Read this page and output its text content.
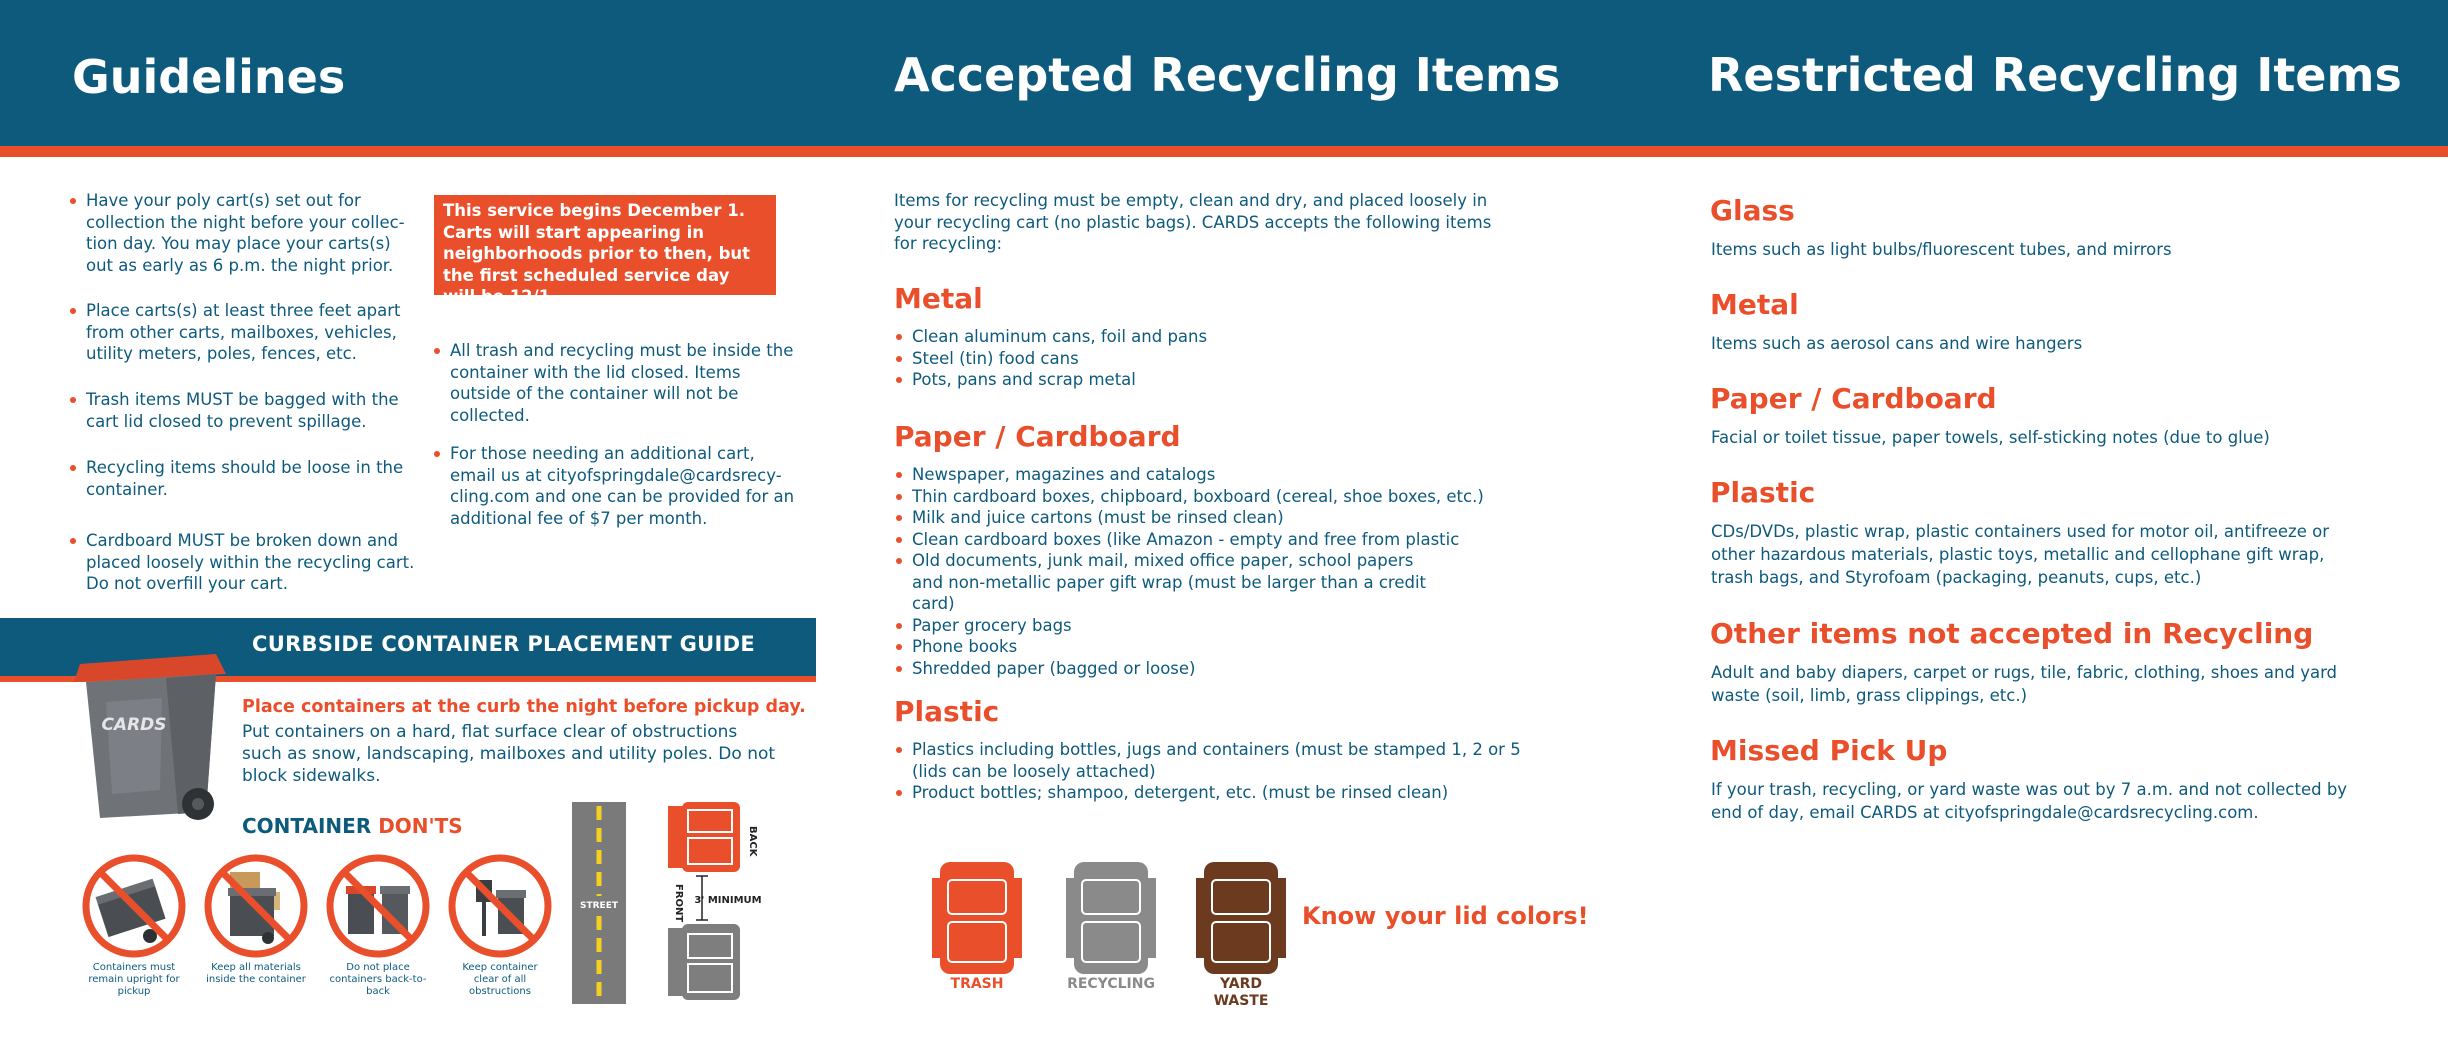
Guidelines	Accepted Recycling Items	Restricted Recycling Items
Have your poly cart(s) set out for collection the night before your collec-tion day. You may place your carts(s) out as early as 6 p.m. the night prior.
Place carts(s) at least three feet apart from other carts, mailboxes, vehicles, utility meters, poles, fences, etc.
Trash items MUST be bagged with the cart lid closed to prevent spillage.
Recycling items should be loose in the container.
Cardboard MUST be broken down and placed loosely within the recycling cart. Do not overfill your cart.
This service begins December 1. Carts will start appearing in neighborhoods prior to then, but the first scheduled service day will be 12/1.
All trash and recycling must be inside the container with the lid closed. Items outside of the container will not be collected.
For those needing an additional cart, email us at cityofspringdale@cardsrecy-cling.com and one can be provided for an additional fee of $7 per month.
CURBSIDE CONTAINER PLACEMENT GUIDE
CARDS
Place containers at the curb the night before pickup day.
Put containers on a hard, flat surface clear of obstructions such as snow, landscaping, mailboxes and utility poles. Do not block sidewalks.
CONTAINER DON'TS
Containers must remain upright for pickup
Keep all materials inside the container
Do not place containers back-to-back
Keep container clear of all obstructions
STREET	3' MINIMUM
FRONT
BACK
Items for recycling must be empty, clean and dry, and placed loosely in your recycling cart (no plastic bags). CARDS accepts the following items for recycling:
Metal
Clean aluminum cans, foil and pans
Steel (tin) food cans
Pots, pans and scrap metal
Paper / Cardboard
Newspaper, magazines and catalogs
Thin cardboard boxes, chipboard, boxboard (cereal, shoe boxes, etc.)
Milk and juice cartons (must be rinsed clean)
Clean cardboard boxes (like Amazon - empty and free from plastic
Old documents, junk mail, mixed office paper, school papers and non-metallic paper gift wrap (must be larger than a credit card)
Paper grocery bags
Phone books
Shredded paper (bagged or loose)
Plastic
Plastics including bottles, jugs and containers (must be stamped 1, 2 or 5 (lids can be loosely attached)
Product bottles; shampoo, detergent, etc. (must be rinsed clean)
TRASH	RECYCLING	YARD WASTE
Know your lid colors!
Glass
Items such as light bulbs/fluorescent tubes, and mirrors
Metal
Items such as aerosol cans and wire hangers
Paper / Cardboard
Facial or toilet tissue, paper towels, self-sticking notes (due to glue)
Plastic
CDs/DVDs, plastic wrap, plastic containers used for motor oil, antifreeze or other hazardous materials, plastic toys, metallic and cellophane gift wrap, trash bags, and Styrofoam (packaging, peanuts, cups, etc.)
Other items not accepted in Recycling
Adult and baby diapers, carpet or rugs, tile, fabric, clothing, shoes and yard waste (soil, limb, grass clippings, etc.)
Missed Pick Up
If your trash, recycling, or yard waste was out by 7 a.m. and not collected by end of day, email CARDS at cityofspringdale@cardsrecycling.com.
